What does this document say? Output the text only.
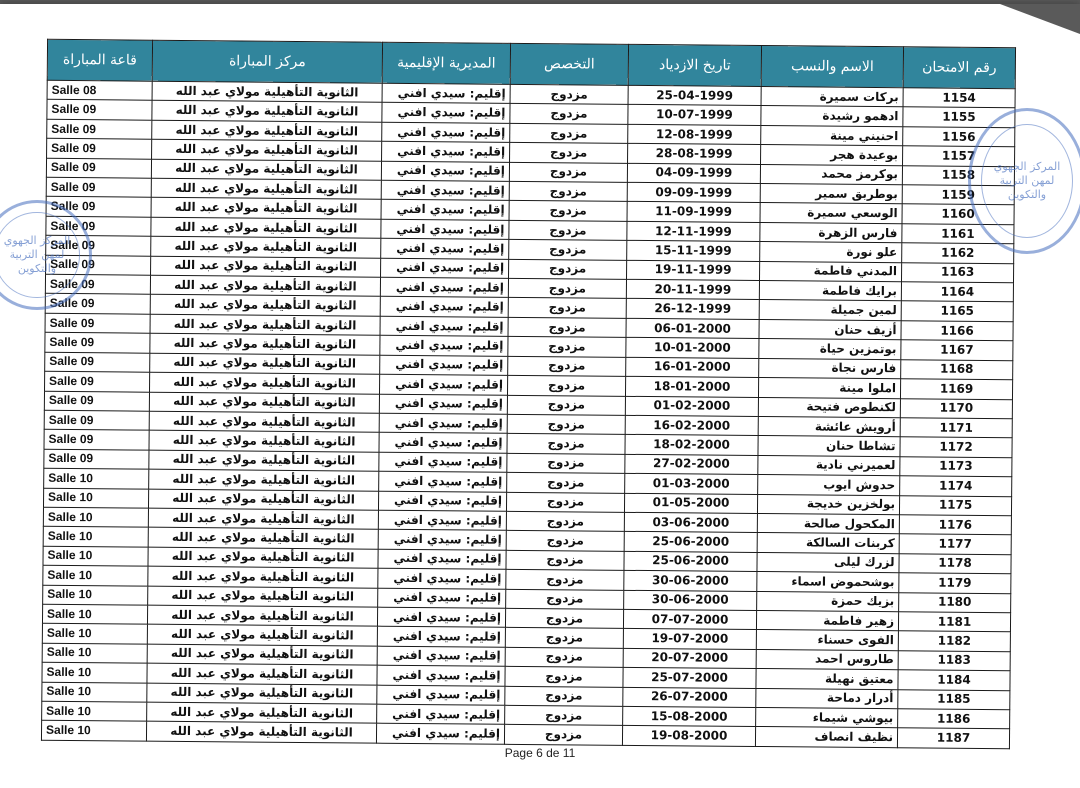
رقم الامتحان	الاسم والنسب	تاريخ الازدياد	التخصص	المديرية الإقليمية	مركز المباراة	قاعة المباراة
1154	بركات سميرة	25-04-1999	مزدوج	إقليم: سيدي افني	الثانوية التأهيلية مولاي عبد الله	Salle 08
1155	ادهمو رشيدة	10-07-1999	مزدوج	إقليم: سيدي افني	الثانوية التأهيلية مولاي عبد الله	Salle 09
1156	احنيني مينة	12-08-1999	مزدوج	إقليم: سيدي افني	الثانوية التأهيلية مولاي عبد الله	Salle 09
1157	بوعيدة هجر	28-08-1999	مزدوج	إقليم: سيدي افني	الثانوية التأهيلية مولاي عبد الله	Salle 09
1158	بوكرمز محمد	04-09-1999	مزدوج	إقليم: سيدي افني	الثانوية التأهيلية مولاي عبد الله	Salle 09
1159	بوطربق سمير	09-09-1999	مزدوج	إقليم: سيدي افني	الثانوية التأهيلية مولاي عبد الله	Salle 09
1160	الوسعي سميرة	11-09-1999	مزدوج	إقليم: سيدي افني	الثانوية التأهيلية مولاي عبد الله	Salle 09
1161	فارس الزهرة	12-11-1999	مزدوج	إقليم: سيدي افني	الثانوية التأهيلية مولاي عبد الله	Salle 09
1162	علو نورة	15-11-1999	مزدوج	إقليم: سيدي افني	الثانوية التأهيلية مولاي عبد الله	Salle 09
1163	المدني فاطمة	19-11-1999	مزدوج	إقليم: سيدي افني	الثانوية التأهيلية مولاي عبد الله	Salle 09
1164	برايك فاطمة	20-11-1999	مزدوج	إقليم: سيدي افني	الثانوية التأهيلية مولاي عبد الله	Salle 09
1165	لمين جميلة	26-12-1999	مزدوج	إقليم: سيدي افني	الثانوية التأهيلية مولاي عبد الله	Salle 09
1166	أزيف حنان	06-01-2000	مزدوج	إقليم: سيدي افني	الثانوية التأهيلية مولاي عبد الله	Salle 09
1167	بوتمزين حياة	10-01-2000	مزدوج	إقليم: سيدي افني	الثانوية التأهيلية مولاي عبد الله	Salle 09
1168	فارس نجاة	16-01-2000	مزدوج	إقليم: سيدي افني	الثانوية التأهيلية مولاي عبد الله	Salle 09
1169	املوا مينة	18-01-2000	مزدوج	إقليم: سيدي افني	الثانوية التأهيلية مولاي عبد الله	Salle 09
1170	لكنطوص فتيحة	01-02-2000	مزدوج	إقليم: سيدي افني	الثانوية التأهيلية مولاي عبد الله	Salle 09
1171	أرويش عائشة	16-02-2000	مزدوج	إقليم: سيدي افني	الثانوية التأهيلية مولاي عبد الله	Salle 09
1172	تشاطا حنان	18-02-2000	مزدوج	إقليم: سيدي افني	الثانوية التأهيلية مولاي عبد الله	Salle 09
1173	لعميرني نادية	27-02-2000	مزدوج	إقليم: سيدي افني	الثانوية التأهيلية مولاي عبد الله	Salle 09
1174	حدوش ايوب	01-03-2000	مزدوج	إقليم: سيدي افني	الثانوية التأهيلية مولاي عبد الله	Salle 10
1175	بولخزين خديجة	01-05-2000	مزدوج	إقليم: سيدي افني	الثانوية التأهيلية مولاي عبد الله	Salle 10
1176	المكحول صالحة	03-06-2000	مزدوج	إقليم: سيدي افني	الثانوية التأهيلية مولاي عبد الله	Salle 10
1177	كربنات السالكة	25-06-2000	مزدوج	إقليم: سيدي افني	الثانوية التأهيلية مولاي عبد الله	Salle 10
1178	لزرك ليلى	25-06-2000	مزدوج	إقليم: سيدي افني	الثانوية التأهيلية مولاي عبد الله	Salle 10
1179	بوشحموض اسماء	30-06-2000	مزدوج	إقليم: سيدي افني	الثانوية التأهيلية مولاي عبد الله	Salle 10
1180	بزيك حمزة	30-06-2000	مزدوج	إقليم: سيدي افني	الثانوية التأهيلية مولاي عبد الله	Salle 10
1181	زهير فاطمة	07-07-2000	مزدوج	إقليم: سيدي افني	الثانوية التأهيلية مولاي عبد الله	Salle 10
1182	الفوى حسناء	19-07-2000	مزدوج	إقليم: سيدي افني	الثانوية التأهيلية مولاي عبد الله	Salle 10
1183	طاروس احمد	20-07-2000	مزدوج	إقليم: سيدي افني	الثانوية التأهيلية مولاي عبد الله	Salle 10
1184	معتيق نهيلة	25-07-2000	مزدوج	إقليم: سيدي افني	الثانوية التأهيلية مولاي عبد الله	Salle 10
1185	أدرار دماحة	26-07-2000	مزدوج	إقليم: سيدي افني	الثانوية التأهيلية مولاي عبد الله	Salle 10
1186	بيوشي شيماء	15-08-2000	مزدوج	إقليم: سيدي افني	الثانوية التأهيلية مولاي عبد الله	Salle 10
1187	نظيف انصاف	19-08-2000	مزدوج	إقليم: سيدي افني	الثانوية التأهيلية مولاي عبد الله	Salle 10
Page 6 de 11
المركز الجهوي لمهن التربية والتكوين
المركز الجهوي لمهن التربية والتكوين
